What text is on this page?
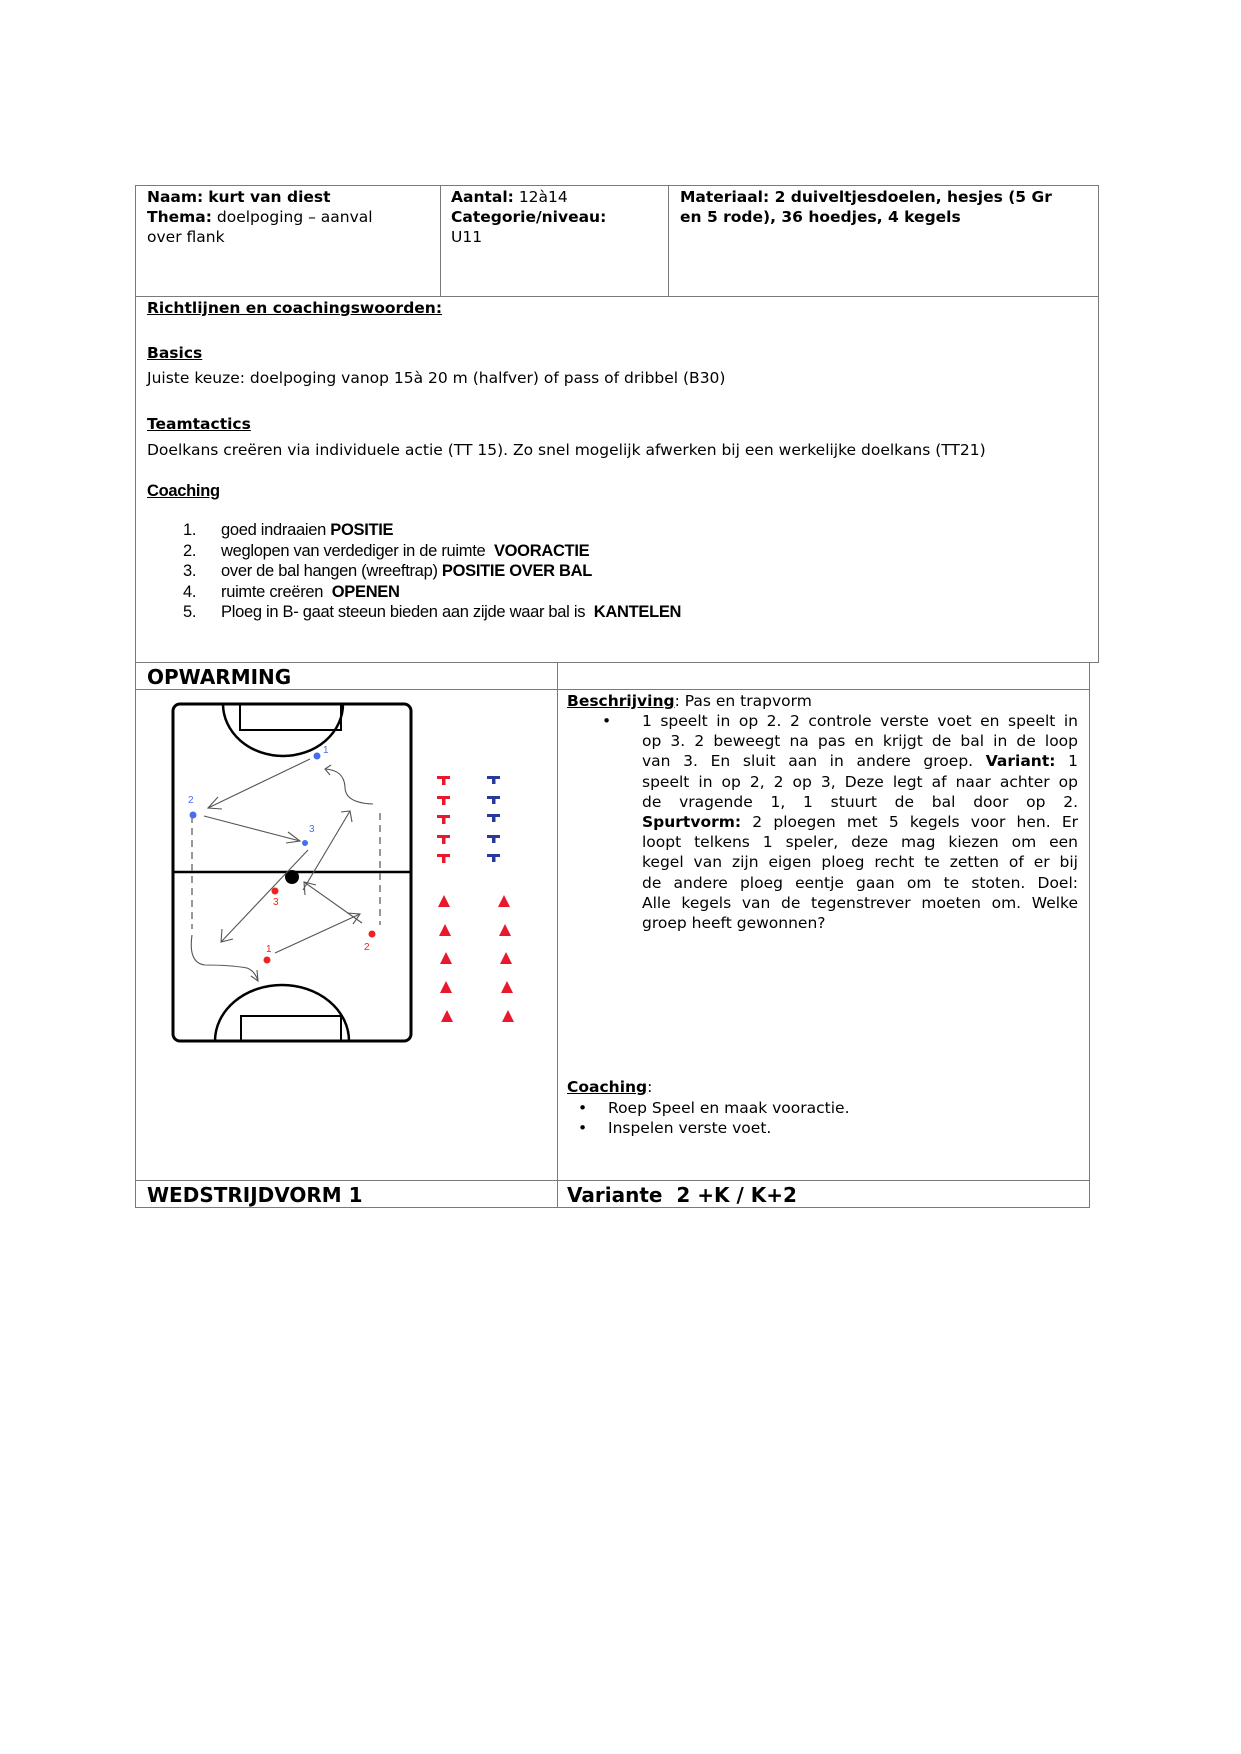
Naam: kurt van diest
Thema: doelpoging – aanval
over flank
Aantal: 12à14
Categorie/niveau:
U11
Materiaal: 2 duiveltjesdoelen, hesjes (5 Gr
en 5 rode), 36 hoedjes, 4 kegels
Richtlijnen en coachingswoorden:
Basics
Juiste keuze: doelpoging vanop 15à 20 m (halfver) of pass of dribbel (B30)
Teamtactics
Doelkans creëren via individuele actie (TT 15). Zo snel mogelijk afwerken bij een werkelijke doelkans (TT21)
Coaching
1. goed indraaien POSITIE
2. weglopen van verdediger in de ruimte  VOORACTIE
3. over de bal hangen (wreeftrap) POSITIE OVER BAL
4. ruimte creëren  OPENEN
5. Ploeg in B- gaat steeun bieden aan zijde waar bal is  KANTELEN
OPWARMING
1
2
3
1	2
3
Beschrijving: Pas en trapvorm
• 1 speelt in op 2. 2 controle verste voet en speelt in
op 3. 2 beweegt na pas en krijgt de bal in de loop
van 3. En sluit aan in andere groep. Variant: 1
speelt in op 2, 2 op 3, Deze legt af naar achter op
de vragende 1, 1 stuurt de bal door op 2.
Spurtvorm: 2 ploegen met 5 kegels voor hen. Er
loopt telkens 1 speler, deze mag kiezen om een
kegel van zijn eigen ploeg recht te zetten of er bij
de andere ploeg eentje gaan om te stoten. Doel:
Alle kegels van de tegenstrever moeten om. Welke
groep heeft gewonnen?
Coaching:
• Roep Speel en maak vooractie.
• Inspelen verste voet.
WEDSTRIJDVORM 1	Variante  2 +K / K+2
